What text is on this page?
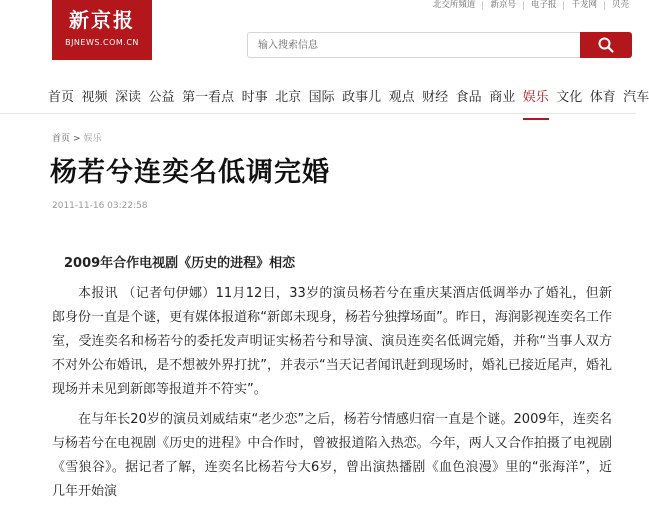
北交所頻道	新京号	电子报	千龙网	贝壳
新京报
BJNEWS.COM.CN
输入搜索信息
首页 视频 深读 公益 第一看点 时事 北京 国际 政事儿 观点 财经 食品 商业 娱乐 文化 体育 汽车
首页 > 娱乐
杨若兮连奕名低调完婚
2011-11-16 03:22:58

2009年合作电视剧《历史的进程》相恋

本报讯 （记者句伊娜）11月12日，33岁的演员杨若兮在重庆某酒店低调举办了婚礼，但新郎身份一直是个谜，更有媒体报道称“新郎未现身，杨若兮独撑场面”。昨日，海润影视连奕名工作室，受连奕名和杨若兮的委托发声明证实杨若兮和导演、演员连奕名低调完婚，并称“当事人双方不对外公布婚讯，是不想被外界打扰”，并表示“当天记者闻讯赶到现场时，婚礼已接近尾声，婚礼现场并未见到新郎等报道并不符实”。

在与年长20岁的演员刘威结束“老少恋”之后，杨若兮情感归宿一直是个谜。2009年，连奕名与杨若兮在电视剧《历史的进程》中合作时，曾被报道陷入热恋。今年，两人又合作拍摄了电视剧《雪狼谷》。据记者了解，连奕名比杨若兮大6岁，曾出演热播剧《血色浪漫》里的“张海洋”，近几年开始演
